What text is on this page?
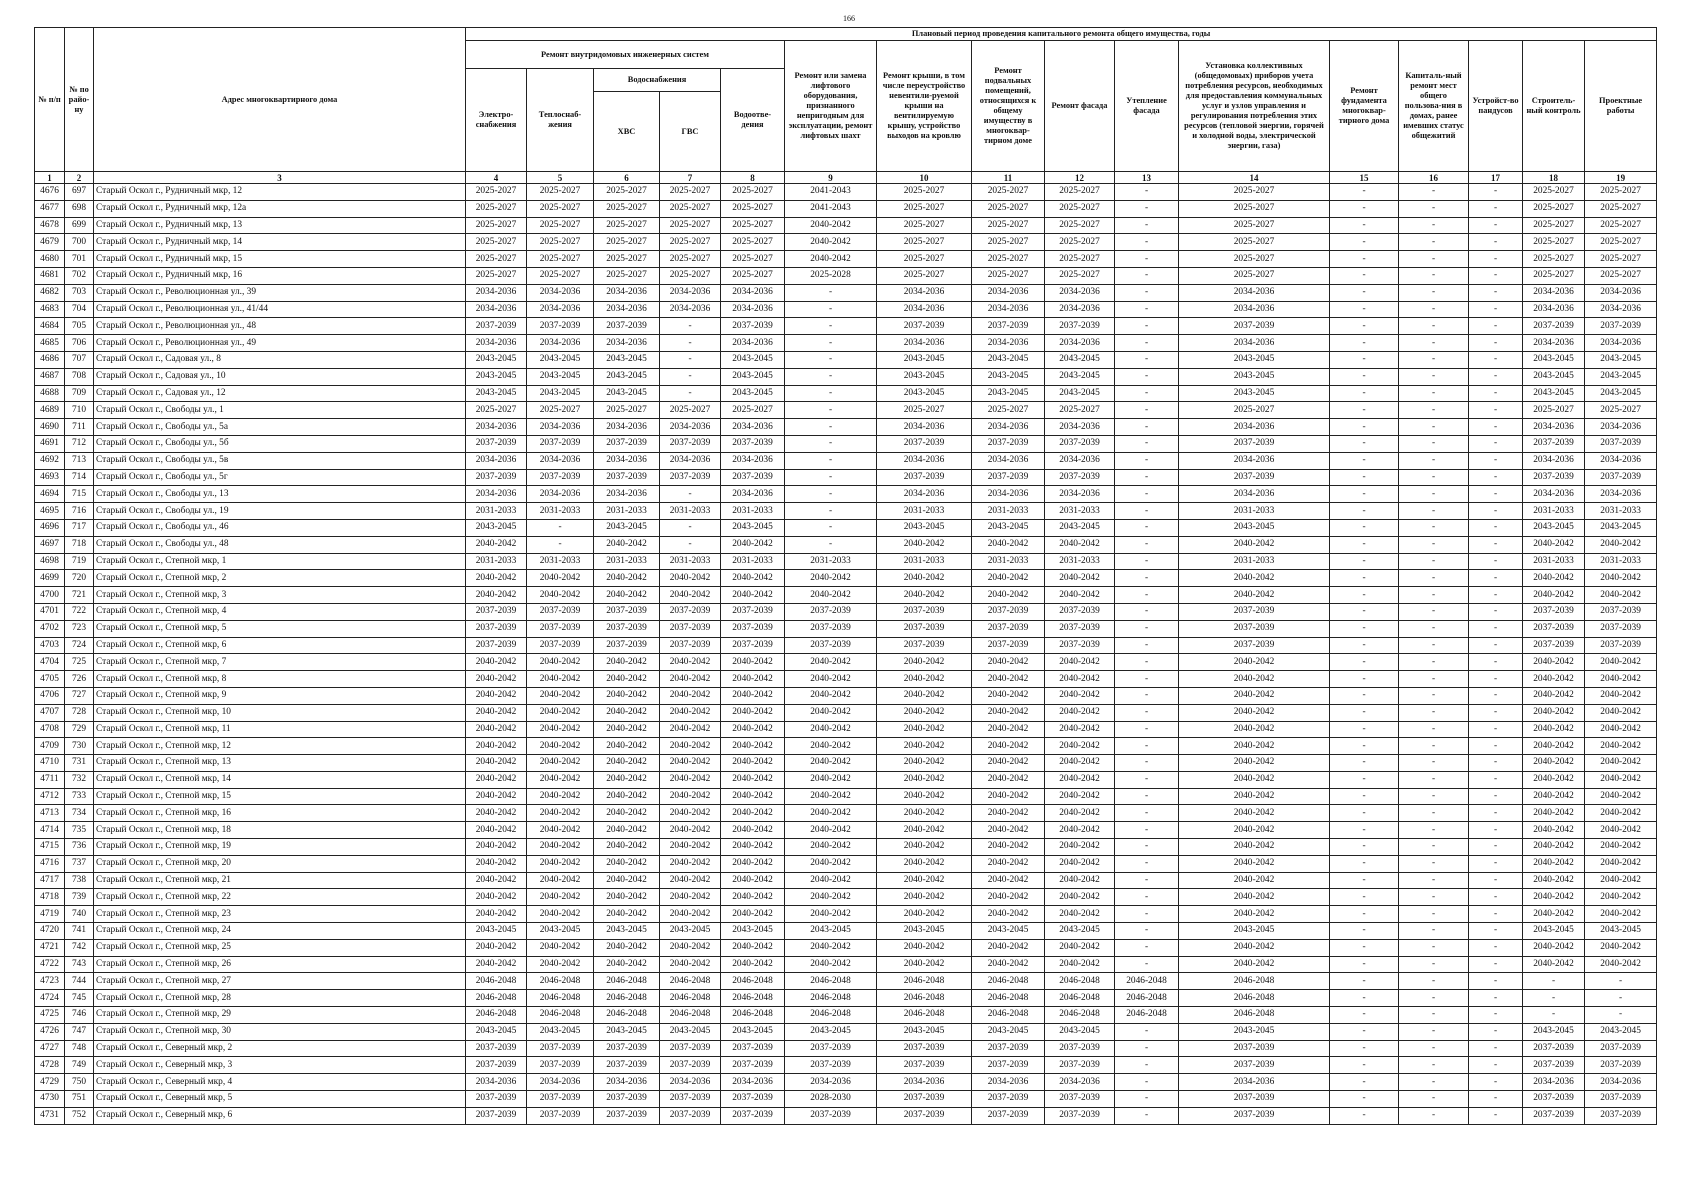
166
№ п/п	№ по райо-ну	Адрес многоквартирного дома	Плановый период проведения капитального ремонта общего имущества, годы															
			Ремонт внутридомовых инженерных систем					Ремонт или замена лифтового оборудования, признанного непригодным для эксплуатации, ремонт лифтовых шахт	Ремонт крыши, в том числе переустройство невентили-руемой крыши на вентилируемую крышу, устройство выходов на кровлю	Ремонт подвальных помещений, относящихся к общему имуществу в многоквар-тирном доме	Ремонт фасада	Утепление фасада	Установка коллективных (общедомовых) приборов учета потребления ресурсов, необходимых для предоставления коммунальных услуг и узлов управления и регулирования потребления этих ресурсов (тепловой энергии, горячей и холодной воды, электрической энергии, газа)	Ремонт фундамента многоквар-тирного дома	Капиталь-ный ремонт мест общего пользова-ния в домах, ранее имевших статус общежитий	Устройст-во пандусов	Строитель-ный контроль	Проектные работы
			Электро-снабжения	Теплоснаб-жения	Водоснабжения		Водоотве-дения											
					ХВС	ГВС												
1	2	3	4	5	6	7	8	9	10	11	12	13	14	15	16	17	18	19
4676	697	Старый Оскол г., Рудничный мкр, 12	2025-2027	2025-2027	2025-2027	2025-2027	2025-2027	2041-2043	2025-2027	2025-2027	2025-2027	-	2025-2027	-	-	-	2025-2027	2025-2027
4677	698	Старый Оскол г., Рудничный мкр, 12а	2025-2027	2025-2027	2025-2027	2025-2027	2025-2027	2041-2043	2025-2027	2025-2027	2025-2027	-	2025-2027	-	-	-	2025-2027	2025-2027
4678	699	Старый Оскол г., Рудничный мкр, 13	2025-2027	2025-2027	2025-2027	2025-2027	2025-2027	2040-2042	2025-2027	2025-2027	2025-2027	-	2025-2027	-	-	-	2025-2027	2025-2027
4679	700	Старый Оскол г., Рудничный мкр, 14	2025-2027	2025-2027	2025-2027	2025-2027	2025-2027	2040-2042	2025-2027	2025-2027	2025-2027	-	2025-2027	-	-	-	2025-2027	2025-2027
4680	701	Старый Оскол г., Рудничный мкр, 15	2025-2027	2025-2027	2025-2027	2025-2027	2025-2027	2040-2042	2025-2027	2025-2027	2025-2027	-	2025-2027	-	-	-	2025-2027	2025-2027
4681	702	Старый Оскол г., Рудничный мкр, 16	2025-2027	2025-2027	2025-2027	2025-2027	2025-2027	2025-2028	2025-2027	2025-2027	2025-2027	-	2025-2027	-	-	-	2025-2027	2025-2027
4682	703	Старый Оскол г., Революционная ул., 39	2034-2036	2034-2036	2034-2036	2034-2036	2034-2036	-	2034-2036	2034-2036	2034-2036	-	2034-2036	-	-	-	2034-2036	2034-2036
4683	704	Старый Оскол г., Революционная ул., 41/44	2034-2036	2034-2036	2034-2036	2034-2036	2034-2036	-	2034-2036	2034-2036	2034-2036	-	2034-2036	-	-	-	2034-2036	2034-2036
4684	705	Старый Оскол г., Революционная ул., 48	2037-2039	2037-2039	2037-2039	-	2037-2039	-	2037-2039	2037-2039	2037-2039	-	2037-2039	-	-	-	2037-2039	2037-2039
4685	706	Старый Оскол г., Революционная ул., 49	2034-2036	2034-2036	2034-2036	-	2034-2036	-	2034-2036	2034-2036	2034-2036	-	2034-2036	-	-	-	2034-2036	2034-2036
4686	707	Старый Оскол г., Садовая ул., 8	2043-2045	2043-2045	2043-2045	-	2043-2045	-	2043-2045	2043-2045	2043-2045	-	2043-2045	-	-	-	2043-2045	2043-2045
4687	708	Старый Оскол г., Садовая ул., 10	2043-2045	2043-2045	2043-2045	-	2043-2045	-	2043-2045	2043-2045	2043-2045	-	2043-2045	-	-	-	2043-2045	2043-2045
4688	709	Старый Оскол г., Садовая ул., 12	2043-2045	2043-2045	2043-2045	-	2043-2045	-	2043-2045	2043-2045	2043-2045	-	2043-2045	-	-	-	2043-2045	2043-2045
4689	710	Старый Оскол г., Свободы ул., 1	2025-2027	2025-2027	2025-2027	2025-2027	2025-2027	-	2025-2027	2025-2027	2025-2027	-	2025-2027	-	-	-	2025-2027	2025-2027
4690	711	Старый Оскол г., Свободы ул., 5а	2034-2036	2034-2036	2034-2036	2034-2036	2034-2036	-	2034-2036	2034-2036	2034-2036	-	2034-2036	-	-	-	2034-2036	2034-2036
4691	712	Старый Оскол г., Свободы ул., 5б	2037-2039	2037-2039	2037-2039	2037-2039	2037-2039	-	2037-2039	2037-2039	2037-2039	-	2037-2039	-	-	-	2037-2039	2037-2039
4692	713	Старый Оскол г., Свободы ул., 5в	2034-2036	2034-2036	2034-2036	2034-2036	2034-2036	-	2034-2036	2034-2036	2034-2036	-	2034-2036	-	-	-	2034-2036	2034-2036
4693	714	Старый Оскол г., Свободы ул., 5г	2037-2039	2037-2039	2037-2039	2037-2039	2037-2039	-	2037-2039	2037-2039	2037-2039	-	2037-2039	-	-	-	2037-2039	2037-2039
4694	715	Старый Оскол г., Свободы ул., 13	2034-2036	2034-2036	2034-2036	-	2034-2036	-	2034-2036	2034-2036	2034-2036	-	2034-2036	-	-	-	2034-2036	2034-2036
4695	716	Старый Оскол г., Свободы ул., 19	2031-2033	2031-2033	2031-2033	2031-2033	2031-2033	-	2031-2033	2031-2033	2031-2033	-	2031-2033	-	-	-	2031-2033	2031-2033
4696	717	Старый Оскол г., Свободы ул., 46	2043-2045	-	2043-2045	-	2043-2045	-	2043-2045	2043-2045	2043-2045	-	2043-2045	-	-	-	2043-2045	2043-2045
4697	718	Старый Оскол г., Свободы ул., 48	2040-2042	-	2040-2042	-	2040-2042	-	2040-2042	2040-2042	2040-2042	-	2040-2042	-	-	-	2040-2042	2040-2042
4698	719	Старый Оскол г., Степной мкр, 1	2031-2033	2031-2033	2031-2033	2031-2033	2031-2033	2031-2033	2031-2033	2031-2033	2031-2033	-	2031-2033	-	-	-	2031-2033	2031-2033
4699	720	Старый Оскол г., Степной мкр, 2	2040-2042	2040-2042	2040-2042	2040-2042	2040-2042	2040-2042	2040-2042	2040-2042	2040-2042	-	2040-2042	-	-	-	2040-2042	2040-2042
4700	721	Старый Оскол г., Степной мкр, 3	2040-2042	2040-2042	2040-2042	2040-2042	2040-2042	2040-2042	2040-2042	2040-2042	2040-2042	-	2040-2042	-	-	-	2040-2042	2040-2042
4701	722	Старый Оскол г., Степной мкр, 4	2037-2039	2037-2039	2037-2039	2037-2039	2037-2039	2037-2039	2037-2039	2037-2039	2037-2039	-	2037-2039	-	-	-	2037-2039	2037-2039
4702	723	Старый Оскол г., Степной мкр, 5	2037-2039	2037-2039	2037-2039	2037-2039	2037-2039	2037-2039	2037-2039	2037-2039	2037-2039	-	2037-2039	-	-	-	2037-2039	2037-2039
4703	724	Старый Оскол г., Степной мкр, 6	2037-2039	2037-2039	2037-2039	2037-2039	2037-2039	2037-2039	2037-2039	2037-2039	2037-2039	-	2037-2039	-	-	-	2037-2039	2037-2039
4704	725	Старый Оскол г., Степной мкр, 7	2040-2042	2040-2042	2040-2042	2040-2042	2040-2042	2040-2042	2040-2042	2040-2042	2040-2042	-	2040-2042	-	-	-	2040-2042	2040-2042
4705	726	Старый Оскол г., Степной мкр, 8	2040-2042	2040-2042	2040-2042	2040-2042	2040-2042	2040-2042	2040-2042	2040-2042	2040-2042	-	2040-2042	-	-	-	2040-2042	2040-2042
4706	727	Старый Оскол г., Степной мкр, 9	2040-2042	2040-2042	2040-2042	2040-2042	2040-2042	2040-2042	2040-2042	2040-2042	2040-2042	-	2040-2042	-	-	-	2040-2042	2040-2042
4707	728	Старый Оскол г., Степной мкр, 10	2040-2042	2040-2042	2040-2042	2040-2042	2040-2042	2040-2042	2040-2042	2040-2042	2040-2042	-	2040-2042	-	-	-	2040-2042	2040-2042
4708	729	Старый Оскол г., Степной мкр, 11	2040-2042	2040-2042	2040-2042	2040-2042	2040-2042	2040-2042	2040-2042	2040-2042	2040-2042	-	2040-2042	-	-	-	2040-2042	2040-2042
4709	730	Старый Оскол г., Степной мкр, 12	2040-2042	2040-2042	2040-2042	2040-2042	2040-2042	2040-2042	2040-2042	2040-2042	2040-2042	-	2040-2042	-	-	-	2040-2042	2040-2042
4710	731	Старый Оскол г., Степной мкр, 13	2040-2042	2040-2042	2040-2042	2040-2042	2040-2042	2040-2042	2040-2042	2040-2042	2040-2042	-	2040-2042	-	-	-	2040-2042	2040-2042
4711	732	Старый Оскол г., Степной мкр, 14	2040-2042	2040-2042	2040-2042	2040-2042	2040-2042	2040-2042	2040-2042	2040-2042	2040-2042	-	2040-2042	-	-	-	2040-2042	2040-2042
4712	733	Старый Оскол г., Степной мкр, 15	2040-2042	2040-2042	2040-2042	2040-2042	2040-2042	2040-2042	2040-2042	2040-2042	2040-2042	-	2040-2042	-	-	-	2040-2042	2040-2042
4713	734	Старый Оскол г., Степной мкр, 16	2040-2042	2040-2042	2040-2042	2040-2042	2040-2042	2040-2042	2040-2042	2040-2042	2040-2042	-	2040-2042	-	-	-	2040-2042	2040-2042
4714	735	Старый Оскол г., Степной мкр, 18	2040-2042	2040-2042	2040-2042	2040-2042	2040-2042	2040-2042	2040-2042	2040-2042	2040-2042	-	2040-2042	-	-	-	2040-2042	2040-2042
4715	736	Старый Оскол г., Степной мкр, 19	2040-2042	2040-2042	2040-2042	2040-2042	2040-2042	2040-2042	2040-2042	2040-2042	2040-2042	-	2040-2042	-	-	-	2040-2042	2040-2042
4716	737	Старый Оскол г., Степной мкр, 20	2040-2042	2040-2042	2040-2042	2040-2042	2040-2042	2040-2042	2040-2042	2040-2042	2040-2042	-	2040-2042	-	-	-	2040-2042	2040-2042
4717	738	Старый Оскол г., Степной мкр, 21	2040-2042	2040-2042	2040-2042	2040-2042	2040-2042	2040-2042	2040-2042	2040-2042	2040-2042	-	2040-2042	-	-	-	2040-2042	2040-2042
4718	739	Старый Оскол г., Степной мкр, 22	2040-2042	2040-2042	2040-2042	2040-2042	2040-2042	2040-2042	2040-2042	2040-2042	2040-2042	-	2040-2042	-	-	-	2040-2042	2040-2042
4719	740	Старый Оскол г., Степной мкр, 23	2040-2042	2040-2042	2040-2042	2040-2042	2040-2042	2040-2042	2040-2042	2040-2042	2040-2042	-	2040-2042	-	-	-	2040-2042	2040-2042
4720	741	Старый Оскол г., Степной мкр, 24	2043-2045	2043-2045	2043-2045	2043-2045	2043-2045	2043-2045	2043-2045	2043-2045	2043-2045	-	2043-2045	-	-	-	2043-2045	2043-2045
4721	742	Старый Оскол г., Степной мкр, 25	2040-2042	2040-2042	2040-2042	2040-2042	2040-2042	2040-2042	2040-2042	2040-2042	2040-2042	-	2040-2042	-	-	-	2040-2042	2040-2042
4722	743	Старый Оскол г., Степной мкр, 26	2040-2042	2040-2042	2040-2042	2040-2042	2040-2042	2040-2042	2040-2042	2040-2042	2040-2042	-	2040-2042	-	-	-	2040-2042	2040-2042
4723	744	Старый Оскол г., Степной мкр, 27	2046-2048	2046-2048	2046-2048	2046-2048	2046-2048	2046-2048	2046-2048	2046-2048	2046-2048	2046-2048	2046-2048	-	-	-	-	-
4724	745	Старый Оскол г., Степной мкр, 28	2046-2048	2046-2048	2046-2048	2046-2048	2046-2048	2046-2048	2046-2048	2046-2048	2046-2048	2046-2048	2046-2048	-	-	-	-	-
4725	746	Старый Оскол г., Степной мкр, 29	2046-2048	2046-2048	2046-2048	2046-2048	2046-2048	2046-2048	2046-2048	2046-2048	2046-2048	2046-2048	2046-2048	-	-	-	-	-
4726	747	Старый Оскол г., Степной мкр, 30	2043-2045	2043-2045	2043-2045	2043-2045	2043-2045	2043-2045	2043-2045	2043-2045	2043-2045	-	2043-2045	-	-	-	2043-2045	2043-2045
4727	748	Старый Оскол г., Северный мкр, 2	2037-2039	2037-2039	2037-2039	2037-2039	2037-2039	2037-2039	2037-2039	2037-2039	2037-2039	-	2037-2039	-	-	-	2037-2039	2037-2039
4728	749	Старый Оскол г., Северный мкр, 3	2037-2039	2037-2039	2037-2039	2037-2039	2037-2039	2037-2039	2037-2039	2037-2039	2037-2039	-	2037-2039	-	-	-	2037-2039	2037-2039
4729	750	Старый Оскол г., Северный мкр, 4	2034-2036	2034-2036	2034-2036	2034-2036	2034-2036	2034-2036	2034-2036	2034-2036	2034-2036	-	2034-2036	-	-	-	2034-2036	2034-2036
4730	751	Старый Оскол г., Северный мкр, 5	2037-2039	2037-2039	2037-2039	2037-2039	2037-2039	2028-2030	2037-2039	2037-2039	2037-2039	-	2037-2039	-	-	-	2037-2039	2037-2039
4731	752	Старый Оскол г., Северный мкр, 6	2037-2039	2037-2039	2037-2039	2037-2039	2037-2039	2037-2039	2037-2039	2037-2039	2037-2039	-	2037-2039	-	-	-	2037-2039	2037-2039
